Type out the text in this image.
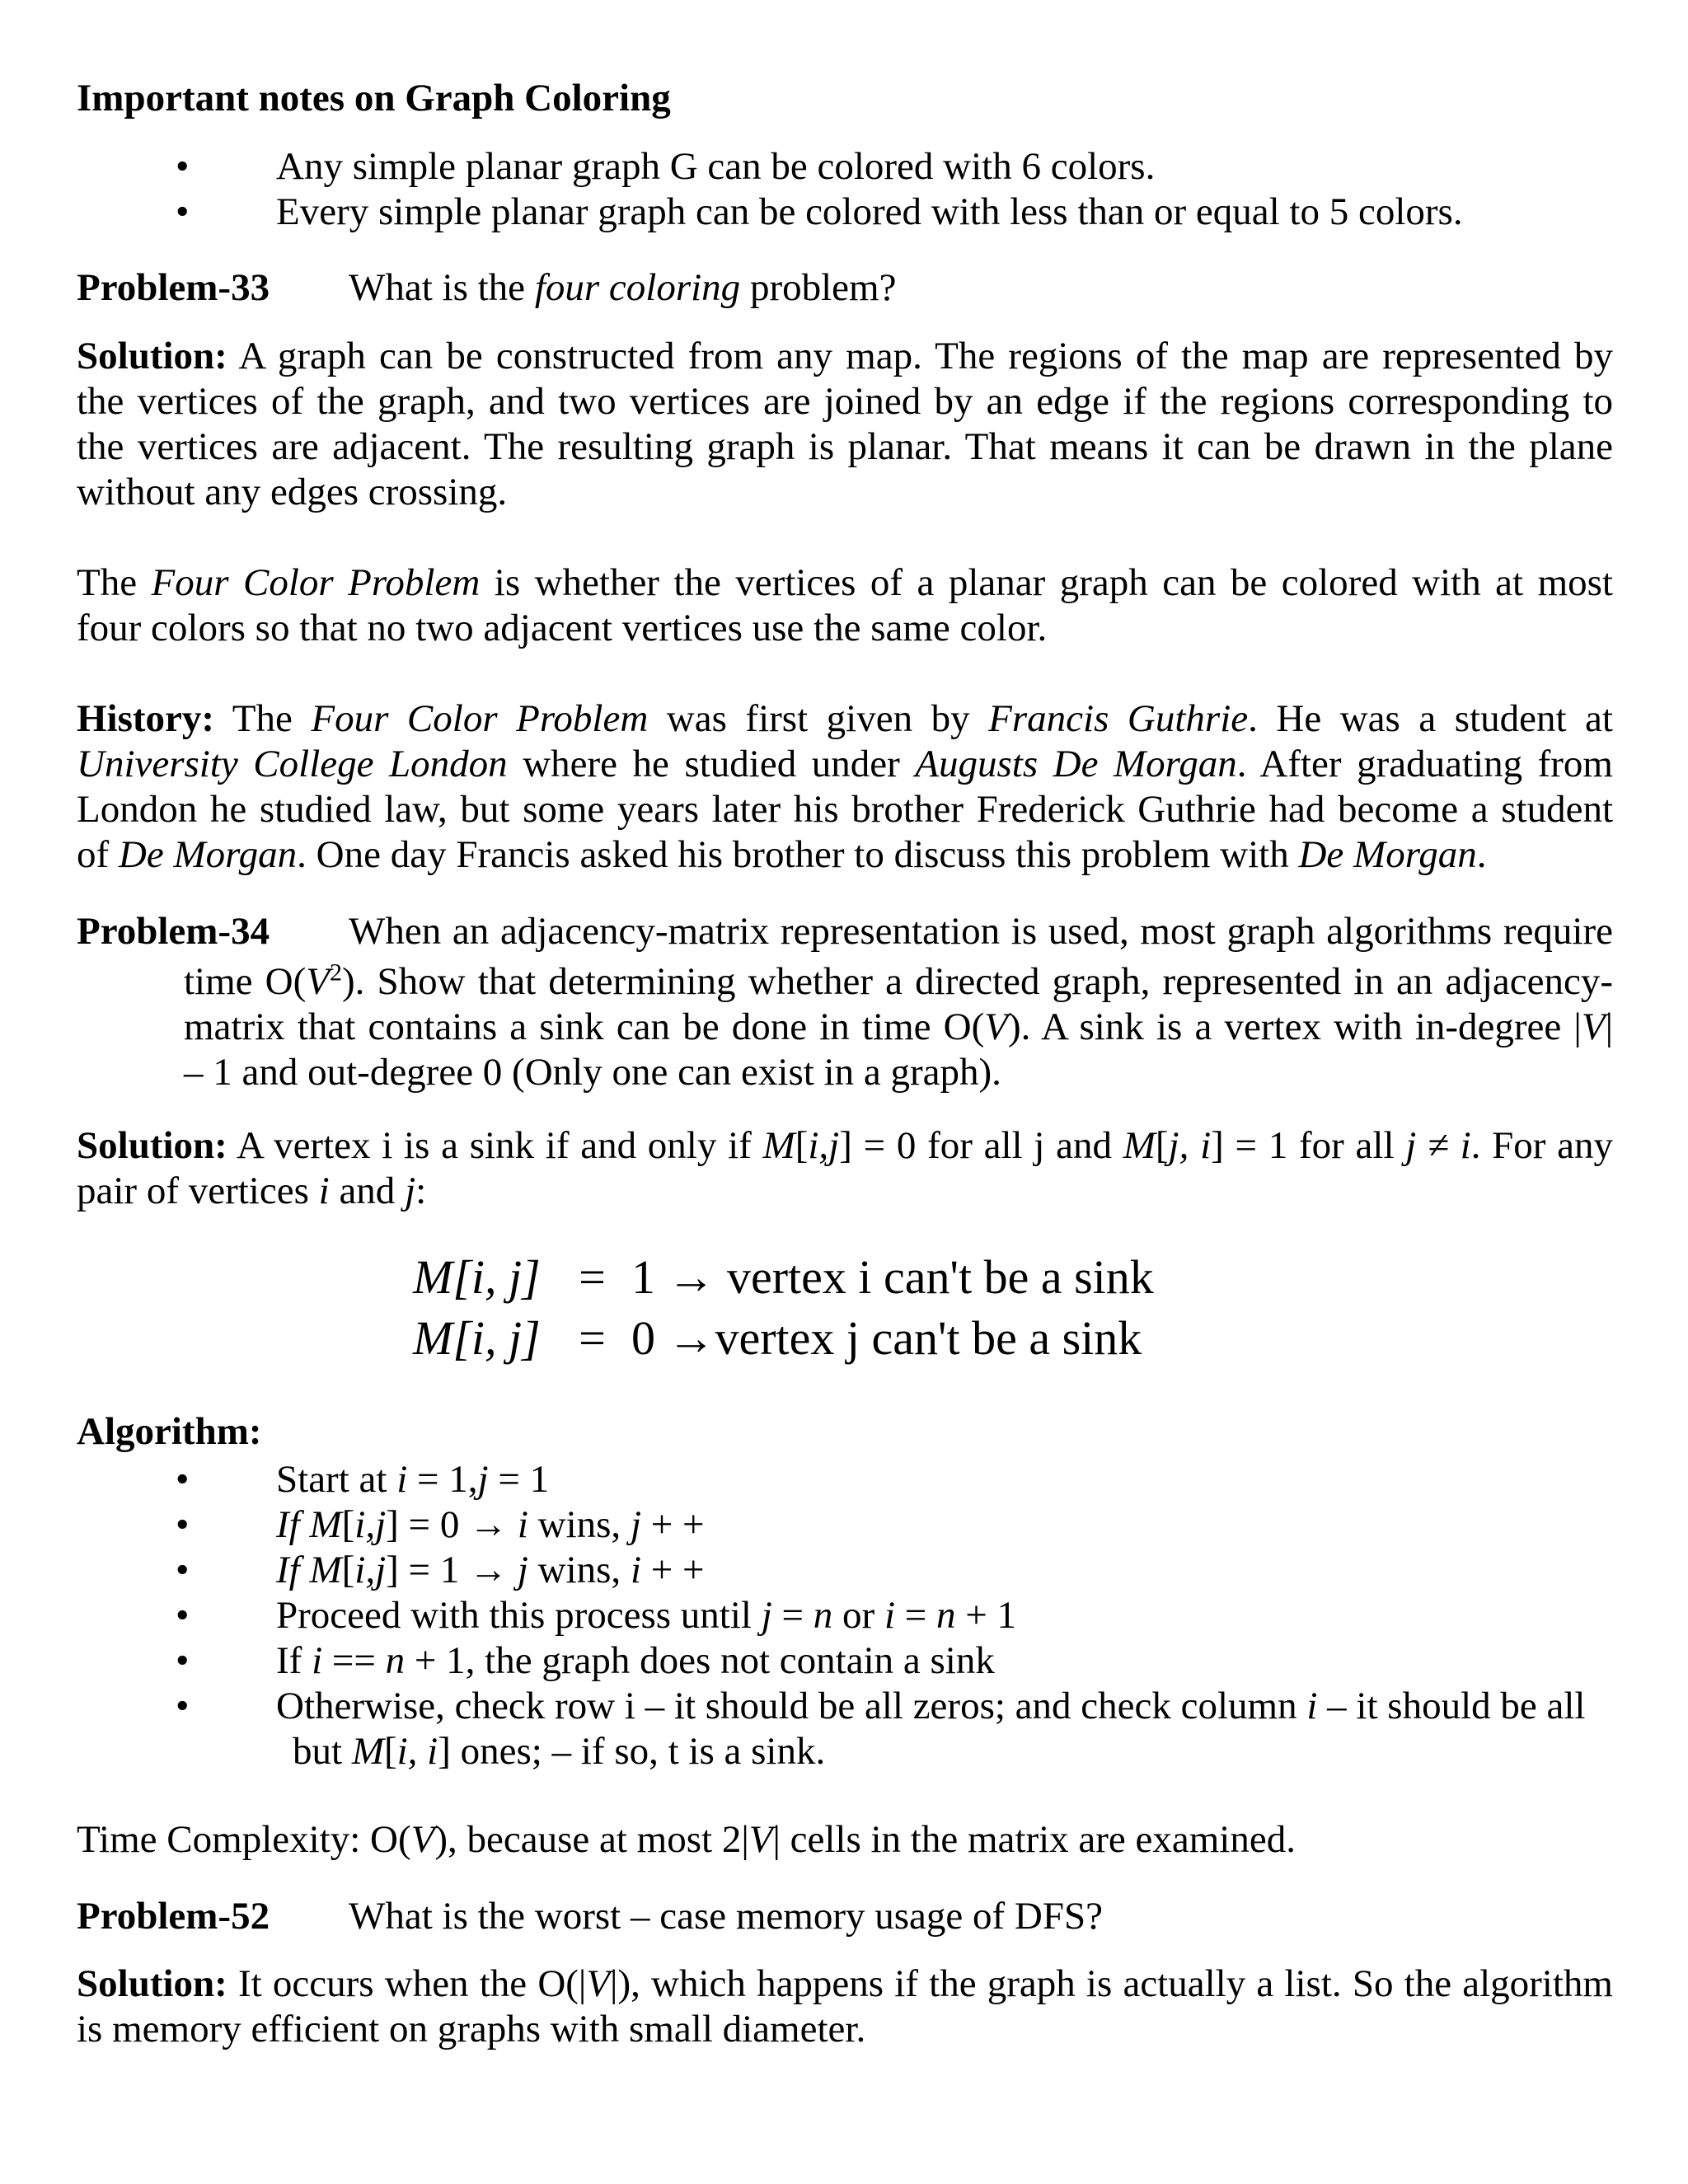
Important notes on Graph Coloring
• Any simple planar graph G can be colored with 6 colors.
• Every simple planar graph can be colored with less than or equal to 5 colors.
Problem-33	What is the four coloring problem?
Solution: A graph can be constructed from any map. The regions of the map are represented by
the vertices of the graph, and two vertices are joined by an edge if the regions corresponding to
the vertices are adjacent. The resulting graph is planar. That means it can be drawn in the plane
without any edges crossing.
The Four Color Problem is whether the vertices of a planar graph can be colored with at most
four colors so that no two adjacent vertices use the same color.
History: The Four Color Problem was first given by Francis Guthrie. He was a student at
University College London where he studied under Augusts De Morgan. After graduating from
London he studied law, but some years later his brother Frederick Guthrie had become a student
of De Morgan. One day Francis asked his brother to discuss this problem with De Morgan.
Problem-34	When an adjacency-matrix representation is used, most graph algorithms require
time $O(V^2)$. Show that determining whether a directed graph, represented in an adjacency-
matrix that contains a sink can be done in time O(V). A sink is a vertex with in-degree |V|
– 1 and out-degree 0 (Only one can exist in a graph).
Solution: A vertex i is a sink if and only if M[i,j] = 0 for all j and M[j, i] = 1 for all j ≠ i. For any
pair of vertices i and j:
M[i, j] = 1 → vertex i can't be a sink
M[i, j] = 0 →vertex j can't be a sink
Algorithm:
• Start at i = 1,j = 1
• If M[i,j] = 0 → i wins, j + +
• If M[i,j] = 1 → j wins, i + +
• Proceed with this process until j = n or i = n + 1
• If i == n + 1, the graph does not contain a sink
• Otherwise, check row i – it should be all zeros; and check column i – it should be all
but M[i, i] ones; – if so, t is a sink.
Time Complexity: O(V), because at most 2|V| cells in the matrix are examined.
Problem-52	What is the worst – case memory usage of DFS?
Solution: It occurs when the O(|V|), which happens if the graph is actually a list. So the algorithm
is memory efficient on graphs with small diameter.
